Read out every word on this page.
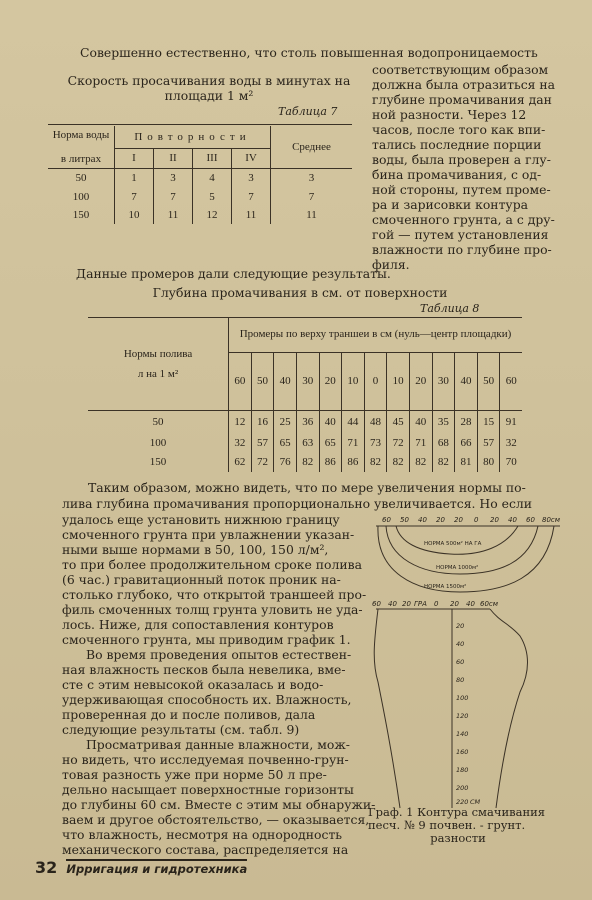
Совершенно естественно, что столь повышенная водопроницаемость
Скорость просачивания воды в минутах на
площади 1 м²
Таблица 7
соответствующим образом
должна была отразиться на
глубине промачивания дан
ной разности. Через 12
часов, после того как впи-
тались последние порции
воды, была проверен а глу-
бина промачивания, с од-
ной стороны, путем проме-
ра и зарисовки контура
смоченного грунта, а с дру-
гой — путем установления
влажности по глубине про-
филя.
Норма воды
в литрах	Повторности				Среднее
	I	II	III	IV	
50	1	3	4	3	3
100	7	7	5	7	7
150	10	11	12	11	11
Данные промеров дали следующие результаты.
Глубина промачивания в см. от поверхности
Таблица 8
Нормы полива
л на 1 м²	Промеры по верху траншеи в см (нуль—центр площадки)												
	60	50	40	30	20	10	0	10	20	30	40	50	60
50	12	16	25	36	40	44	48	45	40	35	28	15	91
100	32	57	65	63	65	71	73	72	71	68	66	57	32
150	62	72	76	82	86	86	82	82	82	82	81	80	70
Таким образом, можно видеть, что по мере увеличения нормы по-
лива глубина промачивания пропорционально увеличивается. Но если
удалось еще установить нижнюю границу
смоченного грунта при увлажнении указан-
ными выше нормами в 50, 100, 150 л/м²,
то при более продолжительном сроке полива
(6 час.) гравитационный поток проник на-
столько глубоко, что открытой траншеей про-
филь смоченных толщ грунта уловить не уда-
лось. Ниже, для сопоставления контуров
смоченного грунта, мы приводим график 1.
Во время проведения опытов естествен-
ная влажность песков была невелика, вме-
сте с этим невысокой оказалась и водо-
удерживающая способность их. Влажность,
проверенная до и после поливов, дала
следующие результаты (см. табл. 9)
Просматривая данные влажности, мож-
но видеть, что исследуемая почвенно-грун-
товая разность уже при норме 50 л пре-
дельно насыщает поверхностные горизонты
до глубины 60 см. Вместе с этим мы обнаружи-
ваем и другое обстоятельство, — оказывается,
что влажность, несмотря на однородность
механического состава, распределяется на
60 50 40 20 20 0 20 40 60 80см
НОРМА 500м² НА ГА
НОРМА 1000м²
НОРМА 1500м²
60 40 20 ГРА 0 20 40 60см
20
40
60
80
100
120
140
160
180
200
220 СМ
Граф. 1 Контура смачивания
песч. № 9 почвен. - грунт.
разности
32 Ирригация и гидротехника
